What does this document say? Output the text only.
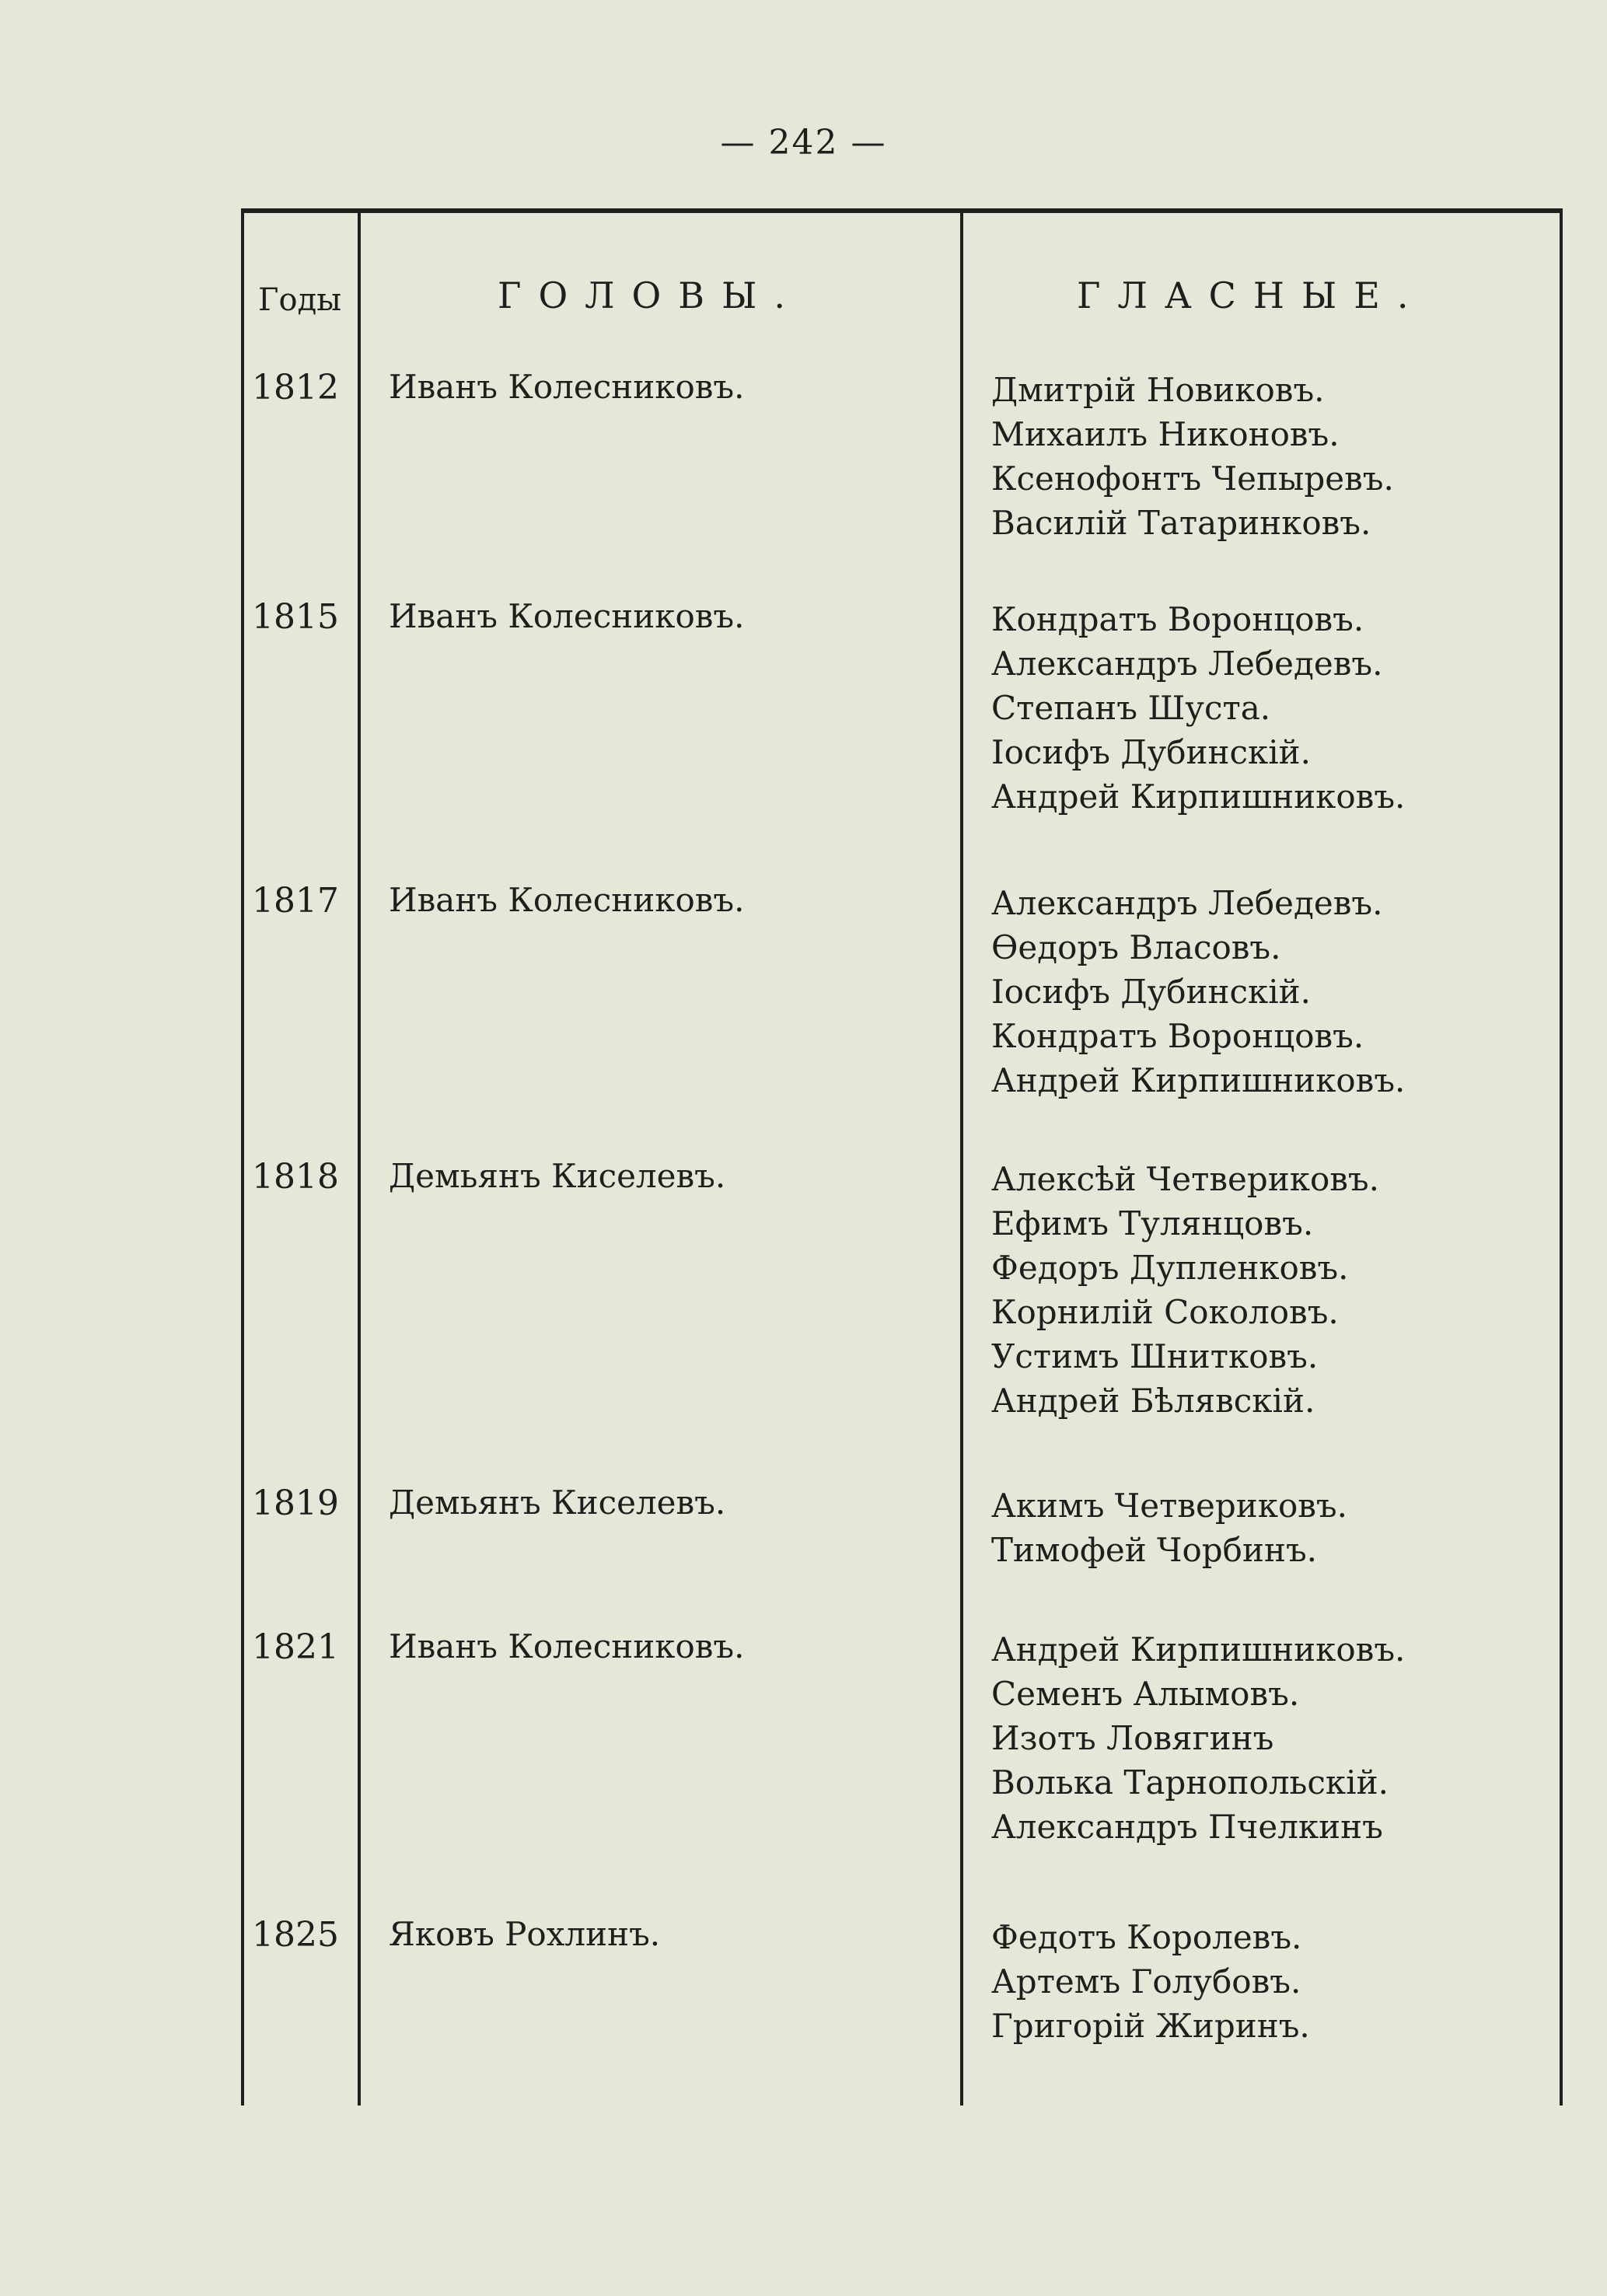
— 242 —
Годы	ГОЛОВЫ.	ГЛАСНЫЕ.
1812 Иванъ Колесниковъ.	Дмитрій Новиковъ.
Михаилъ Никоновъ.
Ксенофонтъ Чепыревъ.
Василій Татаринковъ.
1815 Иванъ Колесниковъ.	Кондратъ Воронцовъ.
Александръ Лебедевъ.
Степанъ Шуста.
Іосифъ Дубинскій.
Андрей Кирпишниковъ.
1817 Иванъ Колесниковъ.	Александръ Лебедевъ.
Ѳедоръ Власовъ.
Іосифъ Дубинскій.
Кондратъ Воронцовъ.
Андрей Кирпишниковъ.
1818 Демьянъ Киселевъ.	Алексѣй Четвериковъ.
Ефимъ Тулянцовъ.
Федоръ Дупленковъ.
Корнилій Соколовъ.
Устимъ Шнитковъ.
Андрей Бѣлявскій.
1819 Демьянъ Киселевъ.	Акимъ Четвериковъ.
Тимофей Чорбинъ.
1821 Иванъ Колесниковъ.	Андрей Кирпишниковъ.
Семенъ Алымовъ.
Изотъ Ловягинъ
Волька Тарнопольскій.
Александръ Пчелкинъ
1825 Яковъ Рохлинъ.	Федотъ Королевъ.
Артемъ Голубовъ.
Григорій Жиринъ.
